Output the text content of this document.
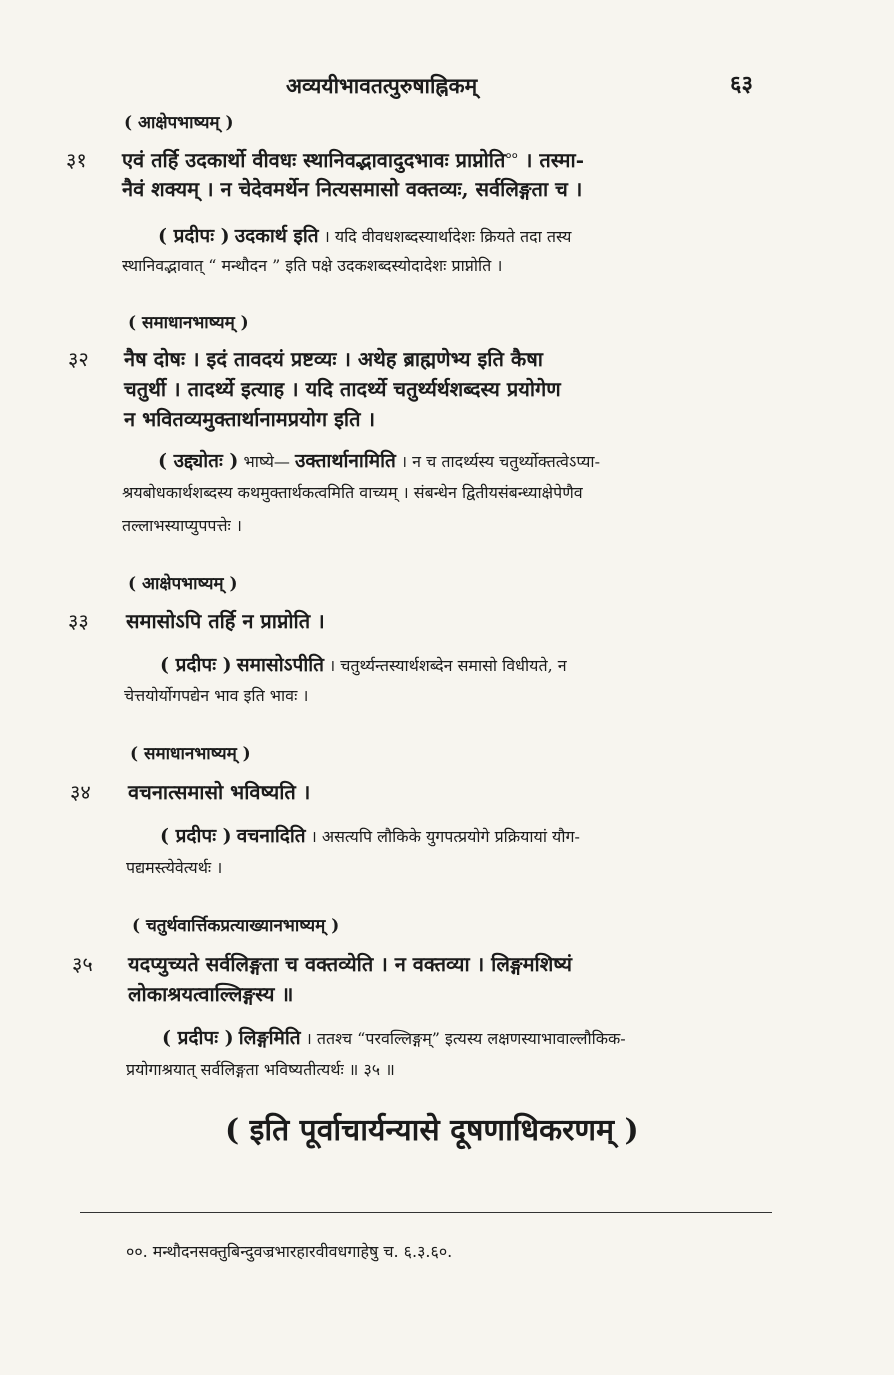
अव्ययीभावतत्पुरुषाह्निकम्	६३
( आक्षेपभाष्यम् )
३१ एवं तर्हि उदकार्थो वीवधः स्थानिवद्भावादुदभावः प्राप्नोति$^{००}$ । तस्मा-
नैवं शक्यम् । न चेदेवमर्थेन नित्यसमासो वक्तव्यः, सर्वलिङ्गता च ।
( प्रदीपः ) उदकार्थ इति । यदि वीवधशब्दस्यार्थादेशः क्रियते तदा तस्य
स्थानिवद्भावात् “ मन्थौदन ” इति पक्षे उदकशब्दस्योदादेशः प्राप्नोति ।
( समाधानभाष्यम् )
३२ नैष दोषः । इदं तावदयं प्रष्टव्यः । अथेह ब्राह्मणेभ्य इति कैषा
चतुर्थी । तादर्थ्ये इत्याह । यदि तादर्थ्ये चतुर्थ्यर्थशब्दस्य प्रयोगेण
न भवितव्यमुक्तार्थानामप्रयोग इति ।
( उद्द्योतः ) भाष्ये— उक्तार्थानामिति । न च तादर्थ्यस्य चतुर्थ्योक्तत्वेऽप्या-
श्रयबोधकार्थशब्दस्य कथमुक्तार्थकत्वमिति वाच्यम् । संबन्धेन द्वितीयसंबन्ध्याक्षेपेणैव
तल्लाभस्याप्युपपत्तेः ।
( आक्षेपभाष्यम् )
३३ समासोऽपि तर्हि न प्राप्नोति ।
( प्रदीपः ) समासोऽपीति । चतुर्थ्यन्तस्यार्थशब्देन समासो विधीयते, न
चेत्तयोर्योगपद्येन भाव इति भावः ।
( समाधानभाष्यम् )
३४ वचनात्समासो भविष्यति ।
( प्रदीपः ) वचनादिति । असत्यपि लौकिके युगपत्प्रयोगे प्रक्रियायां यौग-
पद्यमस्त्येवेत्यर्थः ।
( चतुर्थवार्त्तिकप्रत्याख्यानभाष्यम् )
३५ यदप्युच्यते सर्वलिङ्गता च वक्तव्येति । न वक्तव्या । लिङ्गमशिष्यं
लोकाश्रयत्वाल्लिङ्गस्य ॥
( प्रदीपः ) लिङ्गमिति । ततश्च “परवल्लिङ्गम्” इत्यस्य लक्षणस्याभावाल्लौकिक-
प्रयोगाश्रयात् सर्वलिङ्गता भविष्यतीत्यर्थः ॥ ३५ ॥
( इति पूर्वाचार्यन्यासे दूषणाधिकरणम् )
००. मन्थौदनसक्तुबिन्दुवज्रभारहारवीवधगाहेषु च. ६.३.६०.
